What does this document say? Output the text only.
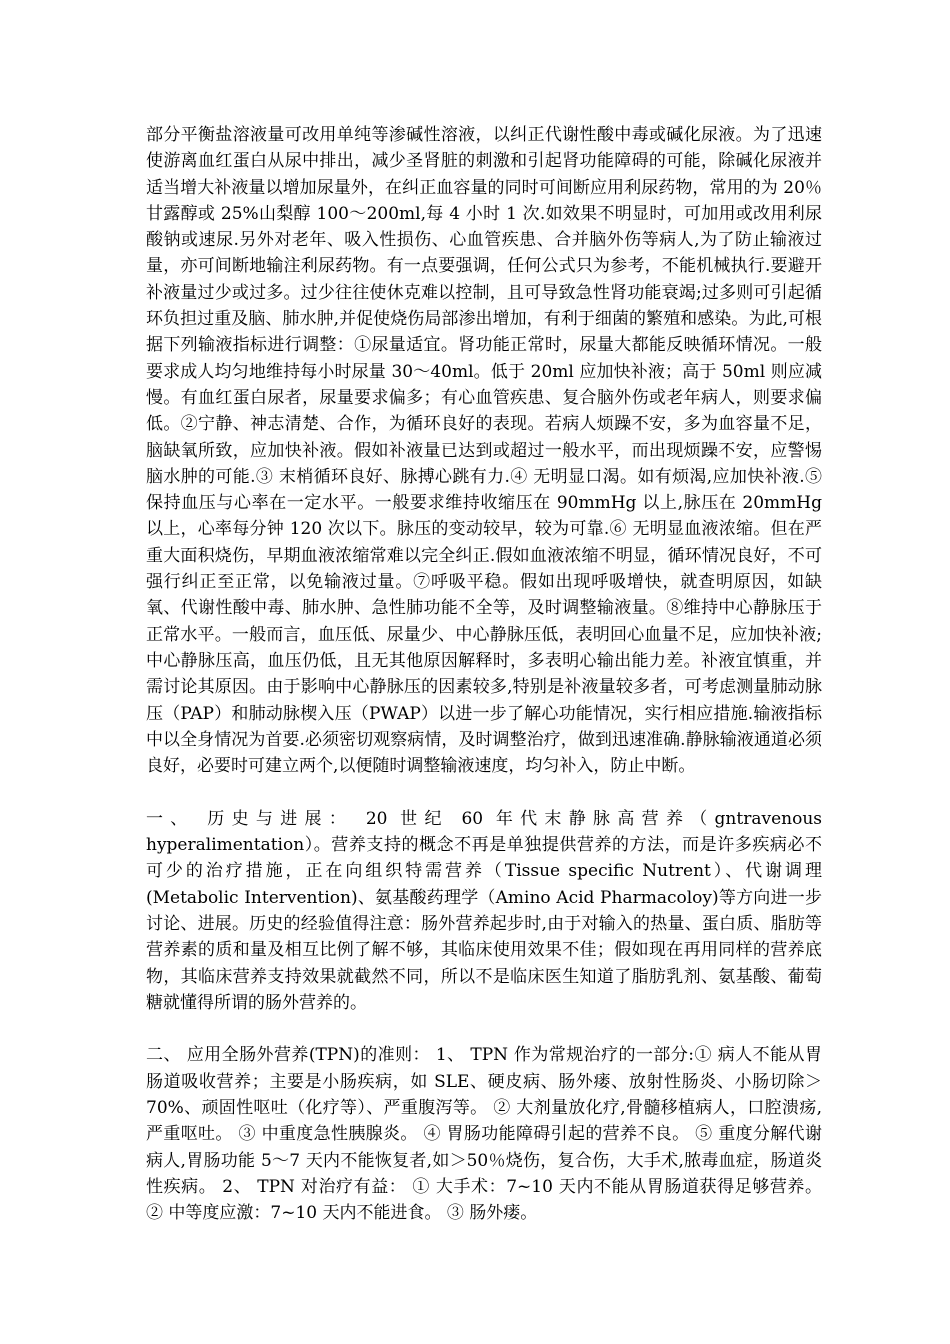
部分平衡盐溶液量可改用单纯等渗碱性溶液，以纠正代谢性酸中毒或碱化尿液。为了迅速使游离血红蛋白从尿中排出，减少圣肾脏的刺激和引起肾功能障碍的可能，除碱化尿液并适当增大补液量以增加尿量外，在纠正血容量的同时可间断应用利尿药物，常用的为 20％甘露醇或 25%山梨醇 100～200ml,每 4 小时 1 次.如效果不明显时，可加用或改用利尿酸钠或速尿.另外对老年、吸入性损伤、心血管疾患、合并脑外伤等病人,为了防止输液过量，亦可间断地输注利尿药物。有一点要强调，任何公式只为参考，不能机械执行.要避开补液量过少或过多。过少往往使休克难以控制，且可导致急性肾功能衰竭;过多则可引起循环负担过重及脑、肺水肿,并促使烧伤局部渗出增加，有利于细菌的繁殖和感染。为此,可根据下列输液指标进行调整：①尿量适宜。肾功能正常时，尿量大都能反映循环情况。一般要求成人均匀地维持每小时尿量 30～40ml。低于 20ml 应加快补液；高于 50ml 则应减慢。有血红蛋白尿者，尿量要求偏多；有心血管疾患、复合脑外伤或老年病人，则要求偏低。②宁静、神志清楚、合作，为循环良好的表现。若病人烦躁不安，多为血容量不足，脑缺氧所致，应加快补液。假如补液量已达到或超过一般水平，而出现烦躁不安，应警惕脑水肿的可能.③ 末梢循环良好、脉搏心跳有力.④ 无明显口渴。如有烦渴,应加快补液.⑤ 保持血压与心率在一定水平。一般要求维持收缩压在 90mmHg 以上,脉压在 20mmHg 以上，心率每分钟 120 次以下。脉压的变动较早，较为可靠.⑥ 无明显血液浓缩。但在严重大面积烧伤，早期血液浓缩常难以完全纠正.假如血液浓缩不明显，循环情况良好，不可强行纠正至正常，以免输液过量。⑦呼吸平稳。假如出现呼吸增快，就查明原因，如缺氧、代谢性酸中毒、肺水肿、急性肺功能不全等，及时调整输液量。⑧维持中心静脉压于正常水平。一般而言，血压低、尿量少、中心静脉压低，表明回心血量不足，应加快补液;中心静脉压高，血压仍低，且无其他原因解释时，多表明心输出能力差。补液宜慎重，并需讨论其原因。由于影响中心静脉压的因素较多,特别是补液量较多者，可考虑测量肺动脉压（PAP）和肺动脉楔入压（PWAP）以进一步了解心功能情况，实行相应措施.输液指标中以全身情况为首要.必须密切观察病情，及时调整治疗，做到迅速准确.静脉输液通道必须良好，必要时可建立两个,以便随时调整输液速度，均匀补入，防止中断。

一、 历史与进展： 20 世纪 60 年代末静脉高营养（gntravenous hyperalimentation）。营养支持的概念不再是单独提供营养的方法，而是许多疾病必不可少的治疗措施，正在向组织特需营养（Tissue specific Nutrent）、代谢调理(Metabolic Intervention)、氨基酸药理学（Amino Acid Pharmacoloy)等方向进一步讨论、进展。历史的经验值得注意：肠外营养起步时,由于对输入的热量、蛋白质、脂肪等营养素的质和量及相互比例了解不够，其临床使用效果不佳；假如现在再用同样的营养底物，其临床营养支持效果就截然不同，所以不是临床医生知道了脂肪乳剂、氨基酸、葡萄糖就懂得所谓的肠外营养的。

二、 应用全肠外营养(TPN)的准则： 1、 TPN 作为常规治疗的一部分:① 病人不能从胃肠道吸收营养；主要是小肠疾病，如 SLE、硬皮病、肠外瘘、放射性肠炎、小肠切除＞70%、顽固性呕吐（化疗等）、严重腹泻等。 ② 大剂量放化疗,骨髓移植病人，口腔溃疡,严重呕吐。 ③ 中重度急性胰腺炎。 ④ 胃肠功能障碍引起的营养不良。 ⑤ 重度分解代谢病人,胃肠功能 5～7 天内不能恢复者,如＞50％烧伤，复合伤，大手术,脓毒血症，肠道炎性疾病。 2、 TPN 对治疗有益： ① 大手术：7~10 天内不能从胃肠道获得足够营养。 ② 中等度应激：7~10 天内不能进食。 ③ 肠外瘘。
